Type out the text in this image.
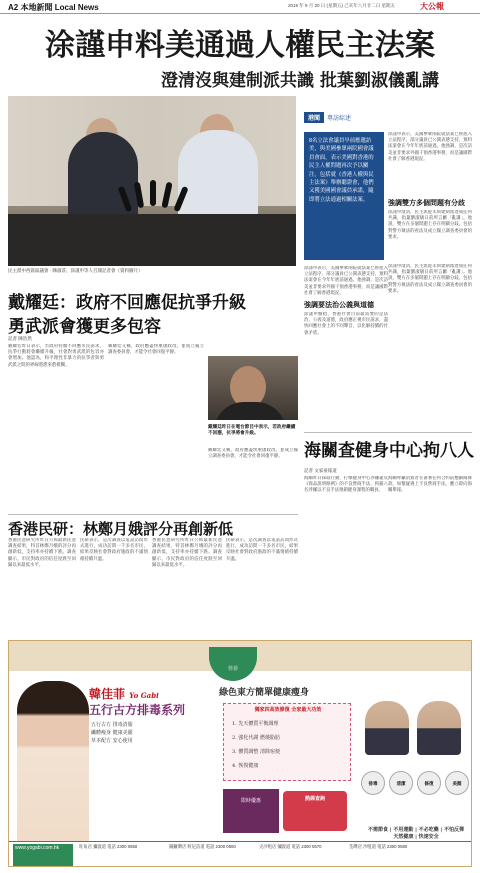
A2 本地新聞 Local News	2019 年 9 月 20 日 (星期五) 己亥年八月廿二日 星期五	大公報
涂謹申料美通過人權民主法案
澄清沒與建制派共識 批葉劉淑儀亂講
民主派中西區區議會 · 陳淑莊、涂謹申等人召開記者會（資料圖片）
港聞 專訪綜述
8名立法會議員早前應邀訪美，與美國參眾兩院國會議員會面，表示美國對香港的民主人權問題再次予以關注，包括就《香港人權與民主法案》舉辦聽證會，他們又獲美國國會議員承諾，隨即將立法通過相關法案。
涂謹申表示，美國參眾兩院就法案已經進入立法程序，部分議員已公開表態支持，預料法案會在今年年底前通過。他強調，是次訪美並非要求外國干預香港事務，而是讓國際社會了解香港現況。
強調雙方多個問題有分歧
涂謹申澄清，民主派從未與建制派達成任何共識，指葉劉淑儀日前所言屬「亂講」。他說，雙方在多個問題上存在明顯分歧，包括對警方執法的看法及成立獨立調查委員會的要求。
涂謹申表示，美國參眾兩院就法案已經進入立法程序，部分議員已公開表態支持，預料法案會在今年年底前通過。他強調，是次訪美並非要求外國干預香港事務，而是讓國際社會了解香港現況。
強調要法治公義與道德
涂謹申續指，香港社會目前最需要的是法治、公義及道德，政府應正視市民訴求，盡快回應社會上的不同聲音，以化解持續的社會矛盾。
涂謹申澄清，民主派從未與建制派達成任何共識，指葉劉淑儀日前所言屬「亂講」。他說，雙方在多個問題上存在明顯分歧，包括對警方執法的看法及成立獨立調查委員會的要求。
戴耀廷：政府不回應促抗爭升級
勇武派會獲更多包容
記者 陳浩然
戴耀廷昨日表示，若政府持續不回應市民訴求，抗爭行動將會繼續升級，社會對勇武派的包容亦會增加。他認為，和平理性非暴力的抗爭者與勇武派之間的界線將愈來愈模糊。
戴耀廷又稱，政府應盡快重啟政改，並成立獨立調查委員會，才能令社會回復平靜。
戴耀廷昨日在電台節目中表示，若政府繼續不回應，抗爭將會升級。
戴耀廷又稱，政府應盡快重啟政改，並成立獨立調查委員會，才能令社會回復平靜。	海關查健身中心拘八人
記者 文家豪報道
海關昨日採取行動，打擊健身中心涉嫌違反《商品說明條例》的不良營商手法，拘捕八名涉嫌以不良手法推銷健身課程的職員。
海關呼籲消費者在簽署任何合約前應細閱條款，如懷疑遇上不良營商手法，應立即向海關舉報。
香港民研：林鄭月娥評分再創新低
香港民意研究所昨日公佈最新民意調查結果，特首林鄭月娥的評分再創新低，支持率亦持續下跌。調查顯示，市民對政府的信任度跌至回歸以來最低水平。
民研表示，是次調查以電話訪問形式進行，成功訪問一千多名市民，結果反映社會對政府施政的不滿情緒持續升溫。
香港民意研究所昨日公佈最新民意調查結果，特首林鄭月娥的評分再創新低，支持率亦持續下跌。調查顯示，市民對政府的信任度跌至回歸以來最低水平。
民研表示，是次調查以電話訪問形式進行，成功訪問一千多名市民，結果反映社會對政府施政的不滿情緒持續升溫。
佳菲
韓佳菲 Yo Gabi
五行古方排毒系列
五行古方 排毒清脂
纖體瘦身 健康美麗
草本配方 安心使用
綠色東方簡單健康瘦身
獨家四高效修復 全家最大功效
1. 先天體質平衡調理
2. 強化代謝 燃燒脂肪
3. 體質調整 清除宿便
4. 恢復健康
排毒	清潔	修復	美顏
限時優惠	熱線查詢
不需節食 | 不用運動 | 不必吃藥 | 不怕反彈
天然健康 | 快速安全
www.yogabi.com.hk	旺角店 彌敦道 電話 2300 0550	銅鑼灣店 軒尼詩道 電話 2300 0560	尖沙咀店 彌敦道 電話 2300 0570	荃灣店 沙咀道 電話 2300 0580
